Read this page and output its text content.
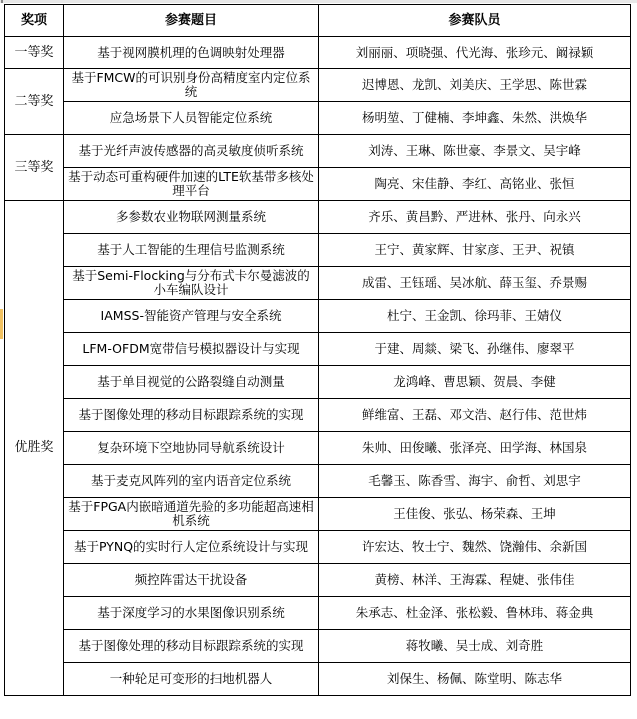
奖项	参赛题目	参赛队员
一等奖	基于视网膜机理的色调映射处理器	刘丽丽、项晓强、代光海、张珍元、阚禄颖
二等奖	基于FMCW的可识别身份高精度室内定位系统	迟博恩、龙凯、刘美庆、王学思、陈世霖
	应急场景下人员智能定位系统	杨明堃、丁健楠、李坤鑫、朱然、洪焕华
三等奖	基于光纤声波传感器的高灵敏度侦听系统	刘涛、王琳、陈世豪、李景文、吴宇峰
	基于动态可重构硬件加速的LTE软基带多核处理平台	陶亮、宋佳静、李红、高铭业、张恒
优胜奖	多参数农业物联网测量系统	齐乐、黄昌黔、严进林、张丹、向永兴
	基于人工智能的生理信号监测系统	王宁、黄家辉、甘家彦、王尹、祝镇
	基于Semi-Flocking与分布式卡尔曼滤波的小车编队设计	成雷、王钰瑶、吴冰航、薛玉玺、乔景赐
	IAMSS-智能资产管理与安全系统	杜宁、王金凯、徐玛菲、王婧仪
	LFM-OFDM宽带信号模拟器设计与实现	于建、周燚、梁飞、孙继伟、廖翠平
	基于单目视觉的公路裂缝自动测量	龙鸿峰、曹思颖、贺晨、李健
	基于图像处理的移动目标跟踪系统的实现	鲜维富、王磊、邓文浩、赵行伟、范世炜
	复杂环境下空地协同导航系统设计	朱帅、田俊曦、张泽亮、田学海、林国泉
	基于麦克风阵列的室内语音定位系统	毛馨玉、陈香雪、海宇、俞哲、刘思宇
	基于FPGA内嵌暗通道先验的多功能超高速相机系统	王佳俊、张弘、杨荣森、王坤
	基于PYNQ的实时行人定位系统设计与实现	许宏达、牧士宁、魏然、饶瀚伟、余新国
	频控阵雷达干扰设备	黄榜、林洋、王海霖、程婕、张伟佳
	基于深度学习的水果图像识别系统	朱承志、杜金泽、张松毅、鲁林玮、蒋金典
	基于图像处理的移动目标跟踪系统的实现	蒋牧曦、吴士成、刘奇胜
	一种轮足可变形的扫地机器人	刘保生、杨佩、陈堂明、陈志华
